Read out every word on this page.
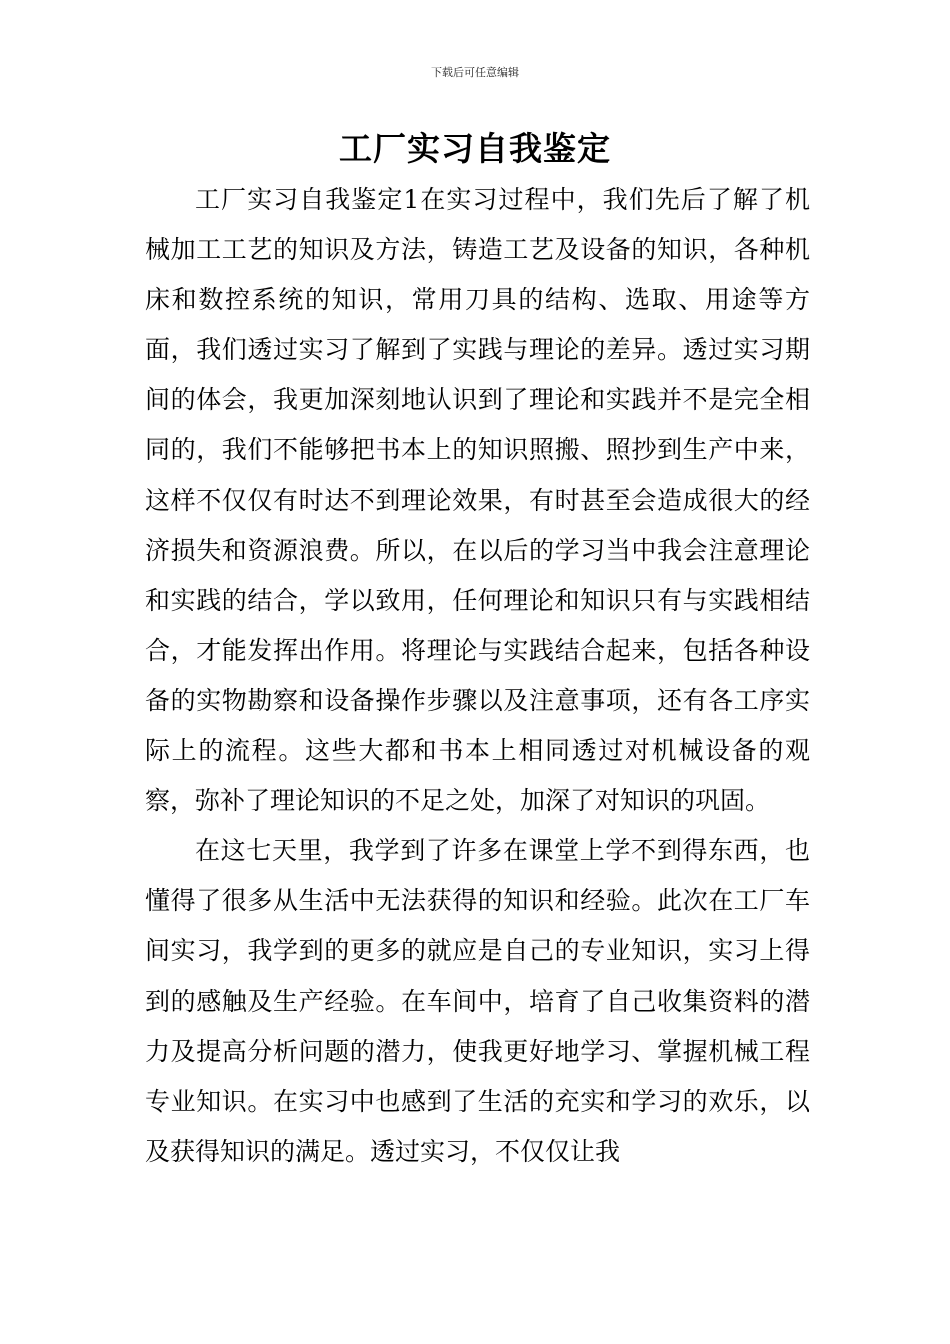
下载后可任意编辑
工厂实习自我鉴定

工厂实习自我鉴定1在实习过程中，我们先后了解了机械加工工艺的知识及方法，铸造工艺及设备的知识，各种机床和数控系统的知识，常用刀具的结构、选取、用途等方面，我们透过实习了解到了实践与理论的差异。透过实习期间的体会，我更加深刻地认识到了理论和实践并不是完全相同的，我们不能够把书本上的知识照搬、照抄到生产中来，这样不仅仅有时达不到理论效果，有时甚至会造成很大的经济损失和资源浪费。所以，在以后的学习当中我会注意理论和实践的结合，学以致用，任何理论和知识只有与实践相结合，才能发挥出作用。将理论与实践结合起来，包括各种设备的实物勘察和设备操作步骤以及注意事项，还有各工序实际上的流程。这些大都和书本上相同透过对机械设备的观察，弥补了理论知识的不足之处，加深了对知识的巩固。

在这七天里，我学到了许多在课堂上学不到得东西，也懂得了很多从生活中无法获得的知识和经验。此次在工厂车间实习，我学到的更多的就应是自己的专业知识，实习上得到的感触及生产经验。在车间中，培育了自己收集资料的潜力及提高分析问题的潜力，使我更好地学习、掌握机械工程专业知识。在实习中也感到了生活的充实和学习的欢乐，以及获得知识的满足。透过实习，不仅仅让我
